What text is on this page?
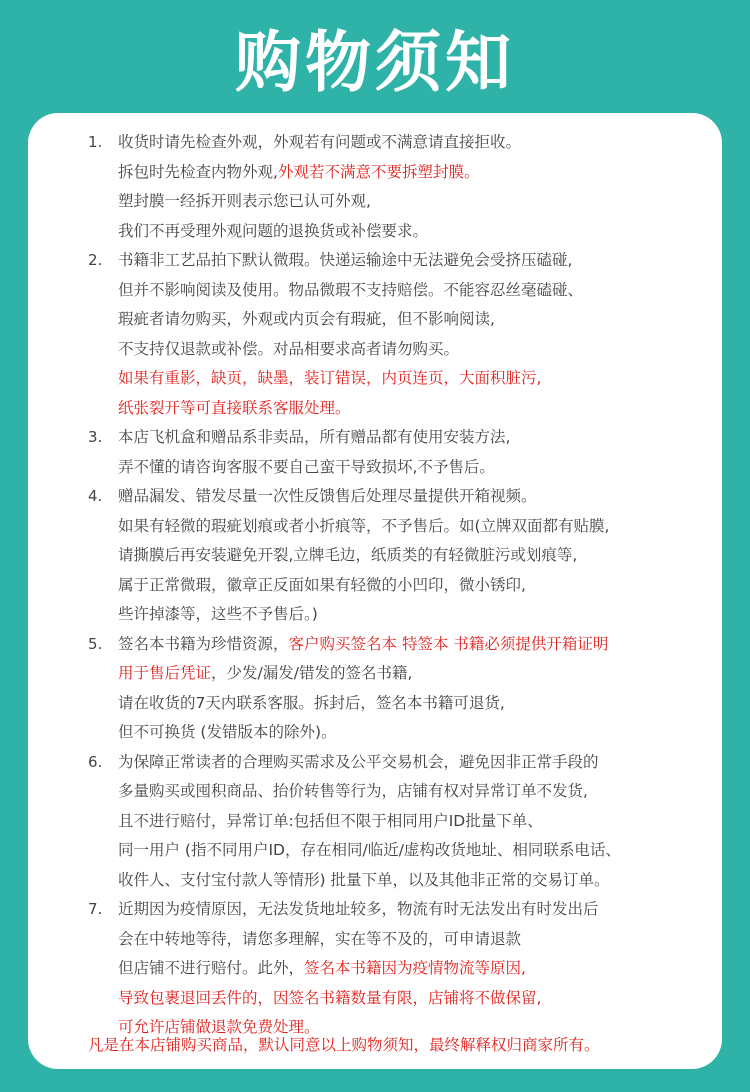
购物须知
1. 收货时请先检查外观，外观若有问题或不满意请直接拒收。
拆包时先检查内物外观,外观若不满意不要拆塑封膜。
塑封膜一经拆开则表示您已认可外观,
我们不再受理外观问题的退换货或补偿要求。
2. 书籍非工艺品拍下默认微瑕。快递运输途中无法避免会受挤压磕碰,
但并不影响阅读及使用。物品微瑕不支持赔偿。不能容忍丝毫磕碰、
瑕疵者请勿购买，外观或内页会有瑕疵，但不影响阅读,
不支持仅退款或补偿。对品相要求高者请勿购买。
如果有重影，缺页，缺墨，装订错误，内页连页，大面积脏污,
纸张裂开等可直接联系客服处理。
3. 本店飞机盒和赠品系非卖品，所有赠品都有使用安装方法,
弄不懂的请咨询客服不要自己蛮干导致损坏,不予售后。
4. 赠品漏发、错发尽量一次性反馈售后处理尽量提供开箱视频。
如果有轻微的瑕疵划痕或者小折痕等，不予售后。如(立牌双面都有贴膜,
请撕膜后再安装避免开裂,立牌毛边，纸质类的有轻微脏污或划痕等,
属于正常微瑕，徽章正反面如果有轻微的小凹印，微小锈印,
些许掉漆等，这些不予售后。)
5. 签名本书籍为珍惜资源，客户购买签名本 特签本 书籍必须提供开箱证明
用于售后凭证，少发/漏发/错发的签名书籍,
请在收货的7天内联系客服。拆封后，签名本书籍可退货,
但不可换货 (发错版本的除外)。
6. 为保障正常读者的合理购买需求及公平交易机会，避免因非正常手段的
多量购买或囤积商品、抬价转售等行为，店铺有权对异常订单不发货,
且不进行赔付，异常订单:包括但不限于相同用户ID批量下单、
同一用户 (指不同用户ID，存在相同/临近/虚构改货地址、相同联系电话、
收件人、支付宝付款人等情形) 批量下单，以及其他非正常的交易订单。
7. 近期因为疫情原因，无法发货地址较多，物流有时无法发出有时发出后
会在中转地等待，请您多理解，实在等不及的，可申请退款
但店铺不进行赔付。此外，签名本书籍因为疫情物流等原因,
导致包裹退回丢件的，因签名书籍数量有限，店铺将不做保留,
可允许店铺做退款免费处理。
凡是在本店铺购买商品，默认同意以上购物须知，最终解释权归商家所有。
